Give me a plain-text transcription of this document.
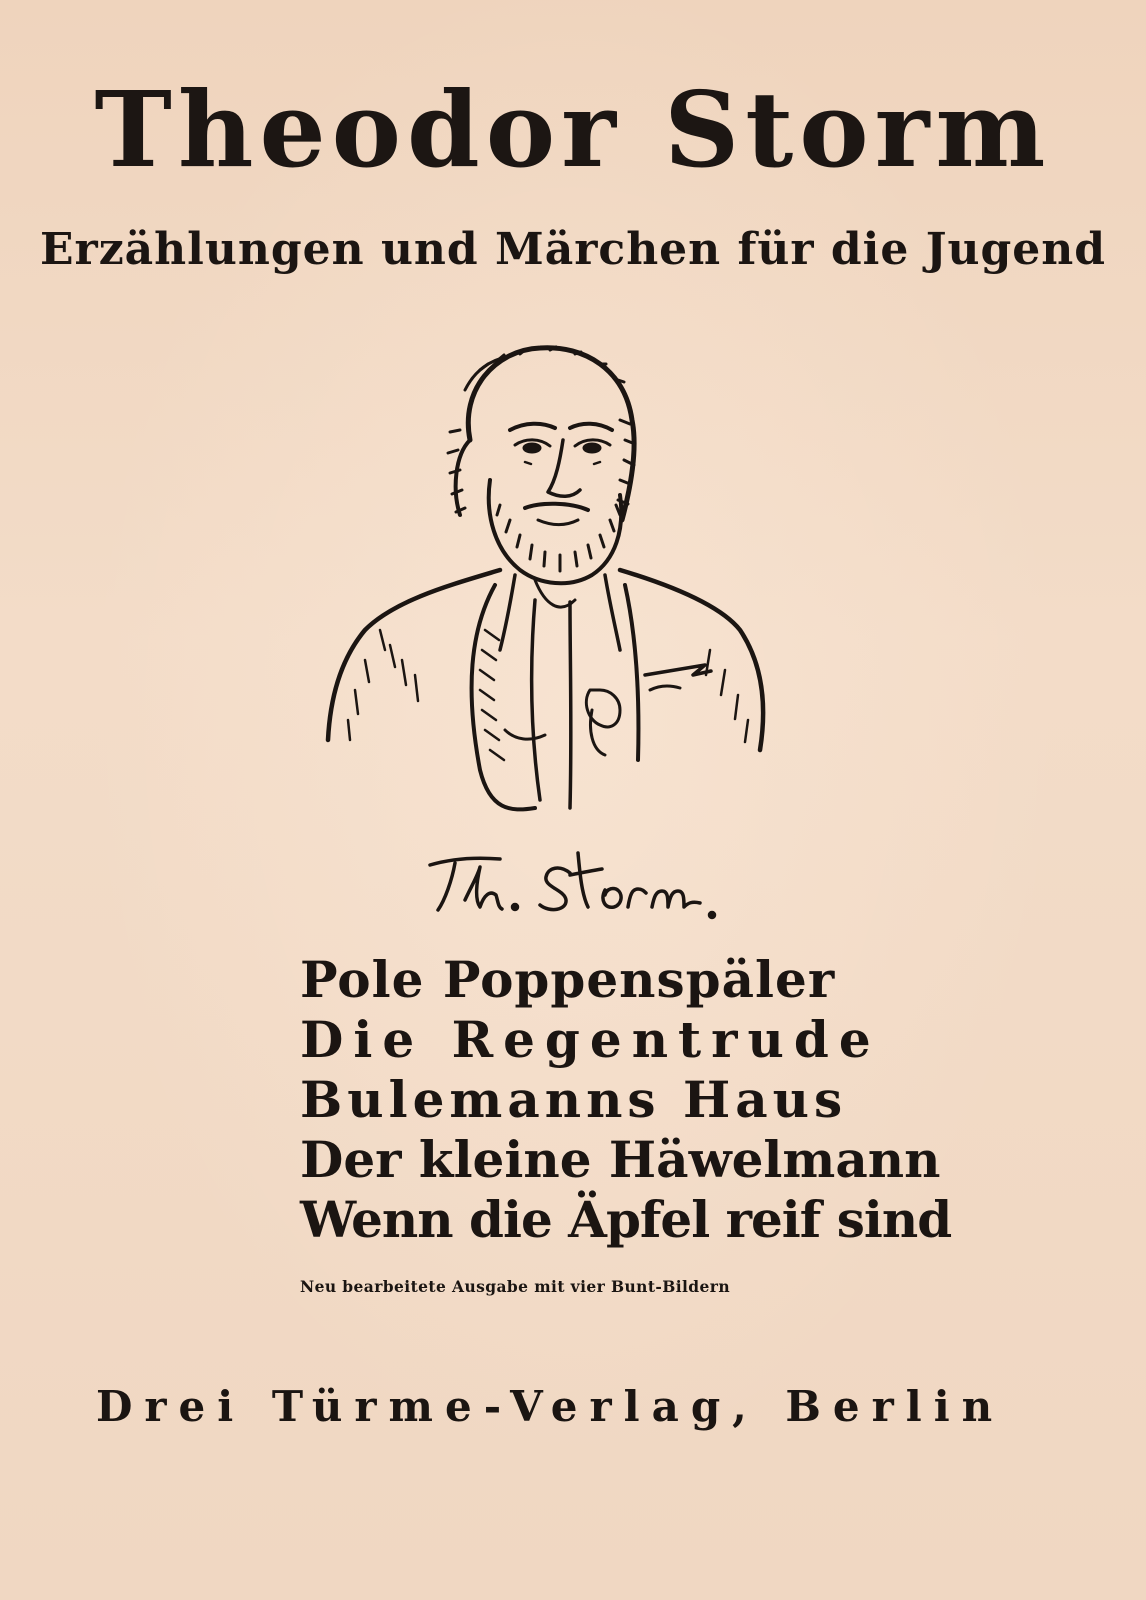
Theodor Storm
Erzählungen und Märchen für die Jugend
Pole Poppenspäler
Die Regentrude
Bulemanns Haus
Der kleine Häwelmann
Wenn die Äpfel reif sind
Neu bearbeitete Ausgabe mit vier Bunt-Bildern
Drei Türme-Verlag, Berlin
